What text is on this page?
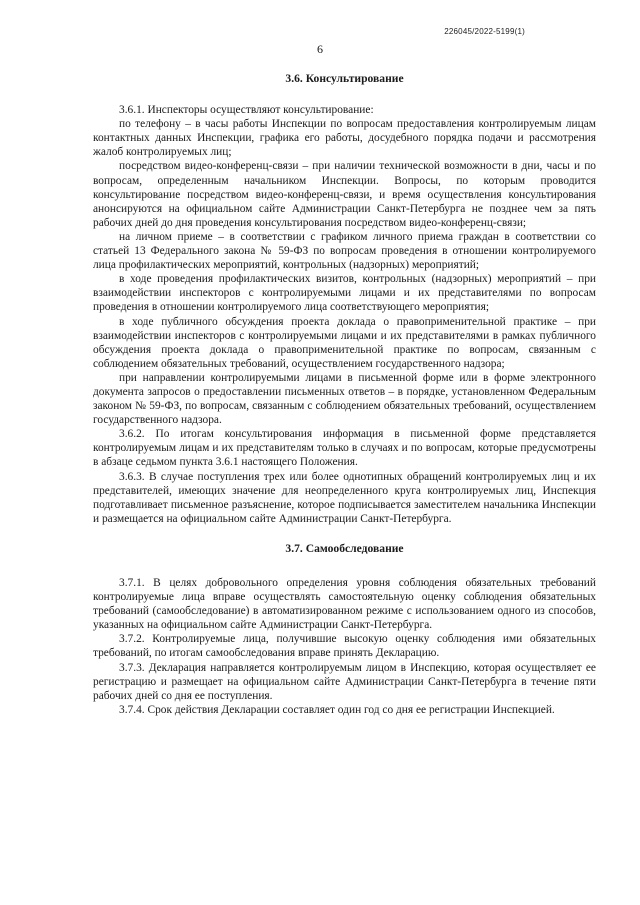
226045/2022-5199(1)
6
3.6. Консультирование

3.6.1. Инспекторы осуществляют консультирование:

по телефону – в часы работы Инспекции по вопросам предоставления контролируемым лицам контактных данных Инспекции, графика его работы, досудебного порядка подачи и рассмотрения жалоб контролируемых лиц;

посредством видео-конференц-связи – при наличии технической возможности в дни, часы и по вопросам, определенным начальником Инспекции. Вопросы, по которым проводится консультирование посредством видео-конференц-связи, и время осуществления консультирования анонсируются на официальном сайте Администрации Санкт-Петербурга не позднее чем за пять рабочих дней до дня проведения консультирования посредством видео-конференц-связи;

на личном приеме – в соответствии с графиком личного приема граждан в соответствии со статьей 13 Федерального закона № 59-ФЗ по вопросам проведения в отношении контролируемого лица профилактических мероприятий, контрольных (надзорных) мероприятий;

в ходе проведения профилактических визитов, контрольных (надзорных) мероприятий – при взаимодействии инспекторов с контролируемыми лицами и их представителями по вопросам проведения в отношении контролируемого лица соответствующего мероприятия;

в ходе публичного обсуждения проекта доклада о правоприменительной практике – при взаимодействии инспекторов с контролируемыми лицами и их представителями в рамках публичного обсуждения проекта доклада о правоприменительной практике по вопросам, связанным с соблюдением обязательных требований, осуществлением государственного надзора;

при направлении контролируемыми лицами в письменной форме или в форме электронного документа запросов о предоставлении письменных ответов – в порядке, установленном Федеральным законом № 59-ФЗ, по вопросам, связанным с соблюдением обязательных требований, осуществлением государственного надзора.

3.6.2. По итогам консультирования информация в письменной форме представляется контролируемым лицам и их представителям только в случаях и по вопросам, которые предусмотрены в абзаце седьмом пункта 3.6.1 настоящего Положения.

3.6.3. В случае поступления трех или более однотипных обращений контролируемых лиц и их представителей, имеющих значение для неопределенного круга контролируемых лиц, Инспекция подготавливает письменное разъяснение, которое подписывается заместителем начальника Инспекции и размещается на официальном сайте Администрации Санкт-Петербурга.

3.7. Самообследование

3.7.1. В целях добровольного определения уровня соблюдения обязательных требований контролируемые лица вправе осуществлять самостоятельную оценку соблюдения обязательных требований (самообследование) в автоматизированном режиме с использованием одного из способов, указанных на официальном сайте Администрации Санкт-Петербурга.

3.7.2. Контролируемые лица, получившие высокую оценку соблюдения ими обязательных требований, по итогам самообследования вправе принять Декларацию.

3.7.3. Декларация направляется контролируемым лицом в Инспекцию, которая осуществляет ее регистрацию и размещает на официальном сайте Администрации Санкт-Петербурга в течение пяти рабочих дней со дня ее поступления.

3.7.4. Срок действия Декларации составляет один год со дня ее регистрации Инспекцией.
